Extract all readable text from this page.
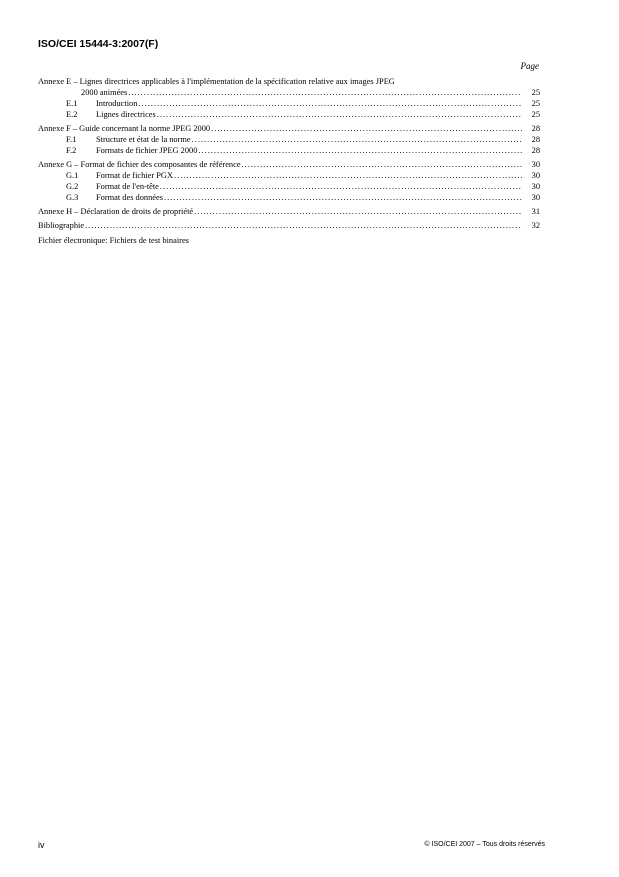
ISO/CEI 15444-3:2007(F)
Page
Annexe E – Lignes directrices applicables à l'implémentation de la spécification relative aux images JPEG
2000 animées .....	25
E.1	Introduction .....	25
E.2	Lignes directrices .....	25
Annexe F – Guide concernant la norme JPEG 2000 .....	28
F.1	Structure et état de la norme .....	28
F.2	Formats de fichier JPEG 2000 .....	28
Annexe G – Format de fichier des composantes de référence .....	30
G.1	Format de fichier PGX .....	30
G.2	Format de l'en-tête .....	30
G.3	Format des données .....	30
Annexe H – Déclaration de droits de propriété .....	31
Bibliographie .....	32
Fichier électronique: Fichiers de test binaires
iv	© ISO/CEI 2007 – Tous droits réservés
